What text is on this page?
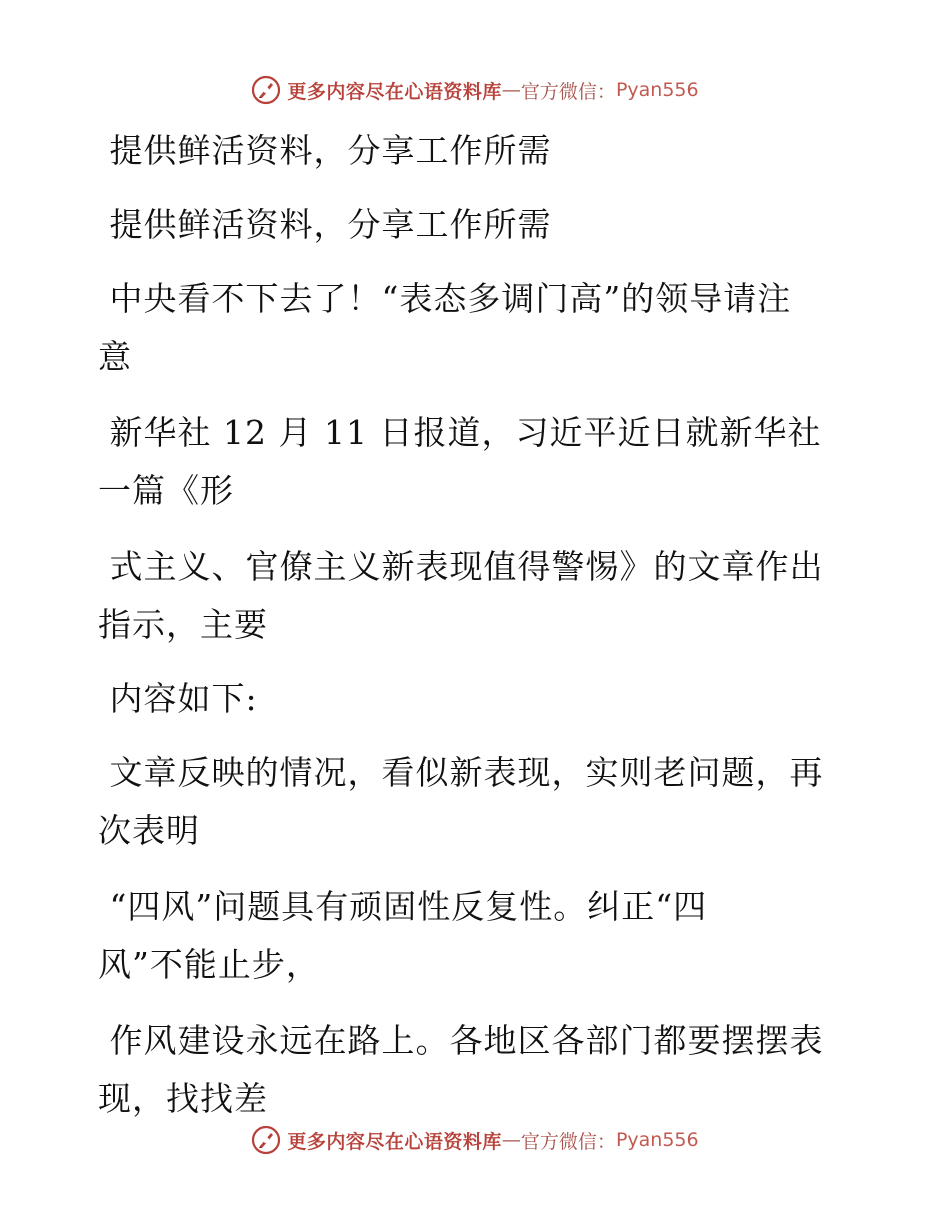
更多内容尽在心语资料库 — 官方微信： Pyan556

提供鲜活资料，分享工作所需

提供鲜活资料，分享工作所需

中央看不下去了！“表态多调门高”的领导请注
意

新华社 12 月 11 日报道，习近平近日就新华社
一篇《形

式主义、官僚主义新表现值得警惕》的文章作出
指示，主要

内容如下:

文章反映的情况，看似新表现，实则老问题，再
次表明

“四风”问题具有顽固性反复性。纠正“四
风”不能止步，

作风建设永远在路上。各地区各部门都要摆摆表
现，找找差

更多内容尽在心语资料库 — 官方微信： Pyan556
